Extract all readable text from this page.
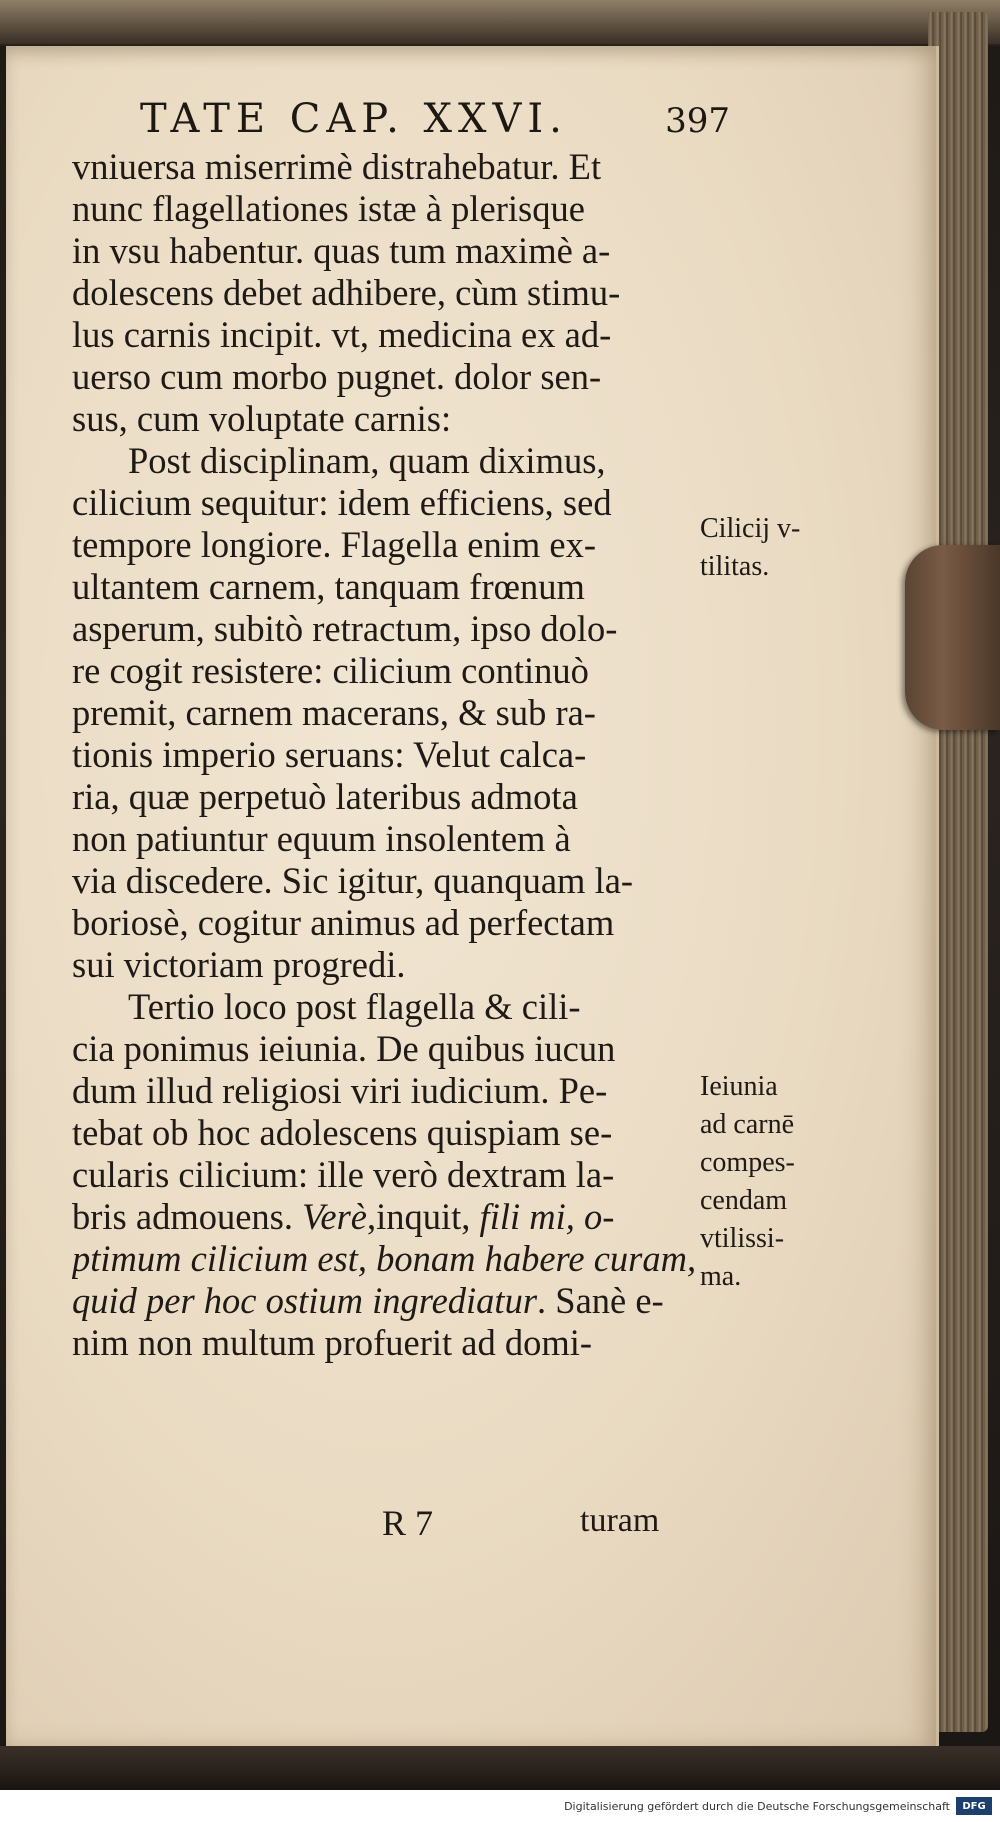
TATE CAP. XXVI.	397
vniuersa miserrimè distrahebatur. Et
nunc flagellationes istæ à plerisque
in vsu habentur. quas tum maximè a-
dolescens debet adhibere, cùm stimu-
lus carnis incipit. vt, medicina ex ad-
uerso cum morbo pugnet. dolor sen-
sus, cum voluptate carnis:
Post disciplinam, quam diximus,
cilicium sequitur: idem efficiens, sed
tempore longiore. Flagella enim ex-
ultantem carnem, tanquam frœnum
asperum, subitò retractum, ipso dolo-
re cogit resistere: cilicium continuò
premit, carnem macerans, & sub ra-
tionis imperio seruans: Velut calca-
ria, quæ perpetuò lateribus admota
non patiuntur equum insolentem à
via discedere. Sic igitur, quanquam la-
boriosè, cogitur animus ad perfectam
sui victoriam progredi.
Tertio loco post flagella & cili-
cia ponimus ieiunia. De quibus iucun
dum illud religiosi viri iudicium. Pe-
tebat ob hoc adolescens quispiam se-
cularis cilicium: ille verò dextram la-
bris admouens. Verè,inquit, fili mi, o-
ptimum cilicium est, bonam habere curam,
quid per hoc ostium ingrediatur. Sanè e-
nim non multum profuerit ad domi-
Cilicij v-
tilitas.
Ieiunia
ad carnē
compes-
cendam
vtilissi-
ma.
R 7	turam
Digitalisierung gefördert durch die Deutsche Forschungsgemeinschaft	DFG
